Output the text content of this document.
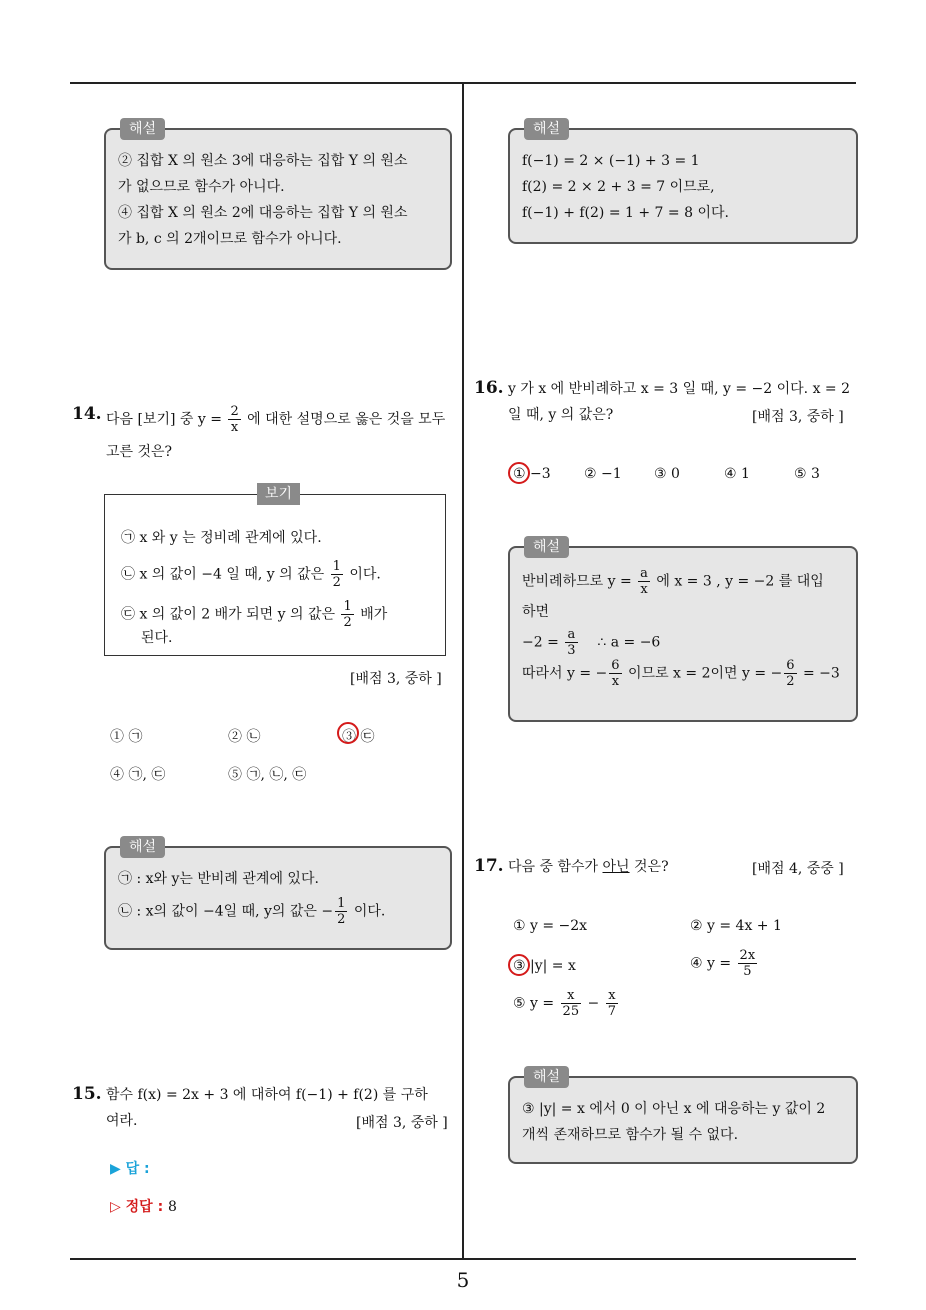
5
해설

② 집합 X 의 원소 3에 대응하는 집합 Y 의 원소

가 없으므로 함수가 아니다.

④ 집합 X 의 원소 2에 대응하는 집합 Y 의 원소

가 b, c 의 2개이므로 함수가 아니다.

14. 다음 [보기] 중 $y = \frac{2}{x}$ 에 대한 설명으로 옳은 것을 모두

고른 것은?

보기
㉠ x 와 y 는 정비례 관계에 있다.
㉡ x 의 값이 −4 일 때, y 의 값은 $\frac{1}{2}$ 이다.
㉢ x 의 값이 2 배가 되면 y 의 값은 $\frac{1}{2}$ 배가
된다.
[배점 3, 중하 ]
① ㉠	② ㉡	③ ㉢
④ ㉠, ㉢	⑤ ㉠, ㉡, ㉢
해설

㉠ : x와 y는 반비례 관계에 있다.

㉡ : x의 값이 −4일 때, y의 값은 − $\frac{1}{2}$ 이다.

15. 함수 f(x) = 2x + 3 에 대하여 f(−1) + f(2) 를 구하

여라.	[배점 3, 중하 ]
▶ 답 :
▷ 정답 : 8
해설

f(−1) = 2 × (−1) + 3 = 1

f(2) = 2 × 2 + 3 = 7 이므로,

f(−1) + f(2) = 1 + 7 = 8 이다.

16. y 가 x 에 반비례하고 x = 3 일 때, y = −2 이다. x = 2

일 때, y 의 값은?	[배점 3, 중하 ]
① −3 ② −1 ③ 0	④ 1	⑤ 3
해설

반비례하므로 $y = \frac{a}{x}$ 에 x = 3 , y = −2 를 대입

하면

$-2 = \frac{a}{3}$ ∴ a = −6

따라서 y = − $\frac{6}{x}$ 이므로 x = 2이면 y = − $\frac{6}{2} = -3$

17. 다음 중 함수가 아닌 것은?	[배점 4, 중중 ]
① y = −2x	② y = 4x + 1
③ |y| = x	④ $y = \frac{2x}{5}$
⑤ $y = \frac{x}{25} - \frac{x}{7}$
해설

③ |y| = x 에서 0 이 아닌 x 에 대응하는 y 값이 2

개씩 존재하므로 함수가 될 수 없다.
